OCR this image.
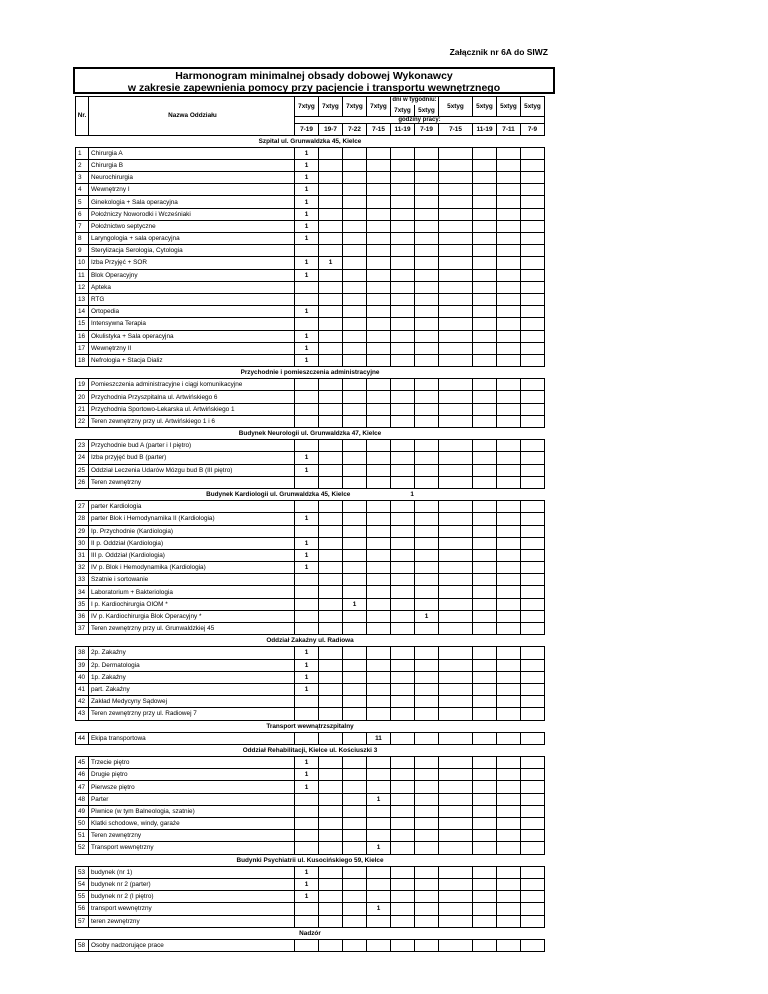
Załącznik nr 6A do SIWZ
Harmonogram minimalnej obsady dobowej Wykonawcy
w zakresie zapewnienia pomocy przy pacjencie i transportu wewnętrznego
Nr.	Nazwa Oddziału	7xtyg	7xtyg	7xtyg	7xtyg	dni w tygodniu:		5xtyg	5xtyg	5xtyg	5xtyg
						7xtyg	5xtyg				
		godziny pracy:									
		7-19	19-7	7-22	7-15	11-19	7-19	7-15	11-19	7-11	7-9
Szpital ul. Grunwaldzka 45, Kielce											
1	Chirurgia A	1									
2	Chirurgia B	1									
3	Neurochirurgia	1									
4	Wewnętrzny I	1									
5	Ginekologia + Sala operacyjna	1									
6	Położniczy Noworodki i Wcześniaki	1									
7	Położnictwo septyczne	1									
8	Laryngologia + sala operacyjna	1									
9	Sterylizacja Serologia, Cytologia										
10	Izba Przyjęć + SOR	1	1								
11	Blok Operacyjny	1									
12	Apteka										
13	RTG										
14	Ortopedia	1									
15	Intensywna Terapia										
16	Okulistyka + Sala operacyjna	1									
17	Wewnętrzny II	1									
18	Nefrologia + Stacja Dializ	1									
Przychodnie i pomieszczenia administracyjne											
19	Pomieszczenia administracyjne i ciągi komunikacyjne										
20	Przychodnia Przyszpitalna ul. Artwińskiego 6										
21	Przychodnia Sportowo-Lekarska ul. Artwińskiego 1										
22	Teren zewnętrzny przy ul. Artwińskiego 1 i 6										
Budynek Neurologii ul. Grunwaldzka 47, Kielce											
23	Przychodnie bud A (parter i I piętro)										
24	Izba przyjęć bud B (parter)	1									
25	Oddział Leczenia Udarów Mózgu bud B (III piętro)	1									
26	Teren zewnętrzny										
Budynek Kardiologii ul. Grunwaldzka 45, Kielce 1											
27	parter Kardiologia										
28	parter Blok i Hemodynamika II (Kardiologia)	1									
29	Ip. Przychodnie (Kardiologia)										
30	II p. Oddział (Kardiologia)	1									
31	III p. Oddział (Kardiologia)	1									
32	IV p. Blok i Hemodynamika (Kardiologia)	1									
33	Szatnie i sortowanie										
34	Laboratorium + Bakteriologia										
35	I p. Kardiochirurgia OIOM *			1							
36	IV p. Kardiochirurgia Blok Operacyjny *						1				
37	Teren zewnętrzny przy ul. Grunwaldzkiej 45										
Oddział Zakaźny ul. Radiowa											
38	2p. Zakaźny	1									
39	2p. Dermatologia	1									
40	1p. Zakaźny	1									
41	part. Zakaźny	1									
42	Zakład Medycyny Sądowej										
43	Teren zewnętrzny przy ul. Radiowej 7										
Transport wewnątrzszpitalny											
44	Ekipa transportowa				11						
Oddział Rehabilitacji, Kielce ul. Kościuszki 3											
45	Trzecie piętro	1									
46	Drugie piętro	1									
47	Pierwsze piętro	1									
48	Parter				1						
49	Piwnice (w tym Balneologia, szatnie)										
50	Klatki schodowe, windy, garaże										
51	Teren zewnętrzny										
52	Transport wewnętrzny				1						
Budynki Psychiatrii ul. Kusocińskiego 59, Kielce											
53	budynek (nr 1)	1									
54	budynek nr 2 (parter)	1									
55	budynek nr 2 (I piętro)	1									
56	transport wewnętrzny				1						
57	teren zewnętrzny										
Nadzór											
58	Osoby nadzorujące prace										
